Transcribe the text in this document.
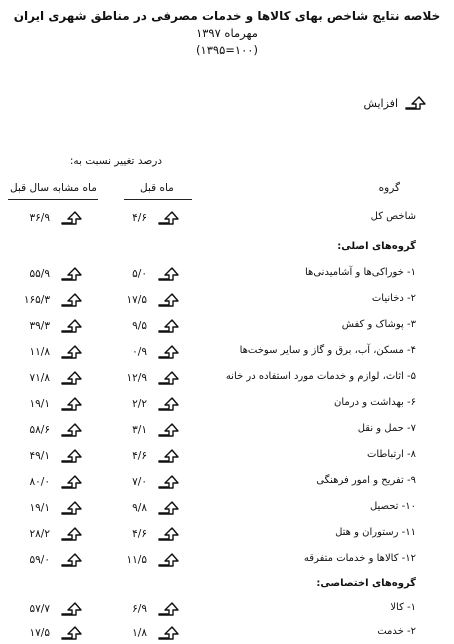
خلاصه نتایج شاخص بهای کالاها و خدمات مصرفی در مناطق شهری ایران
مهرماه ۱۳۹۷
(۱۰۰=۱۳۹۵)
افزایش
درصد تغییر نسبت به:
گروه
ماه قبل
ماه مشابه سال قبل
شاخص کل
۴/۶
۳۶/۹
گروه‌های اصلی:
۱- خوراکی‌ها و آشامیدنی‌ها
۵/۰
۵۵/۹
۲- دخانیات
۱۷/۵
۱۶۵/۳
۳- پوشاک و کفش
۹/۵
۳۹/۳
۴- مسکن، آب، برق و گاز و سایر سوخت‌ها
۰/۹
۱۱/۸
۵- اثاث، لوازم و خدمات مورد استفاده در خانه
۱۲/۹
۷۱/۸
۶- بهداشت و درمان
۲/۲
۱۹/۱
۷- حمل و نقل
۳/۱
۵۸/۶
۸- ارتباطات
۴/۶
۴۹/۱
۹- تفریح و امور فرهنگی
۷/۰
۸۰/۰
۱۰- تحصیل
۹/۸
۱۹/۱
۱۱- رستوران و هتل
۴/۶
۲۸/۲
۱۲- کالاها و خدمات متفرقه
۱۱/۵
۵۹/۰
گروه‌های اختصاصی:
۱- کالا
۶/۹
۵۷/۷
۲- خدمت
۱/۸
۱۷/۵
